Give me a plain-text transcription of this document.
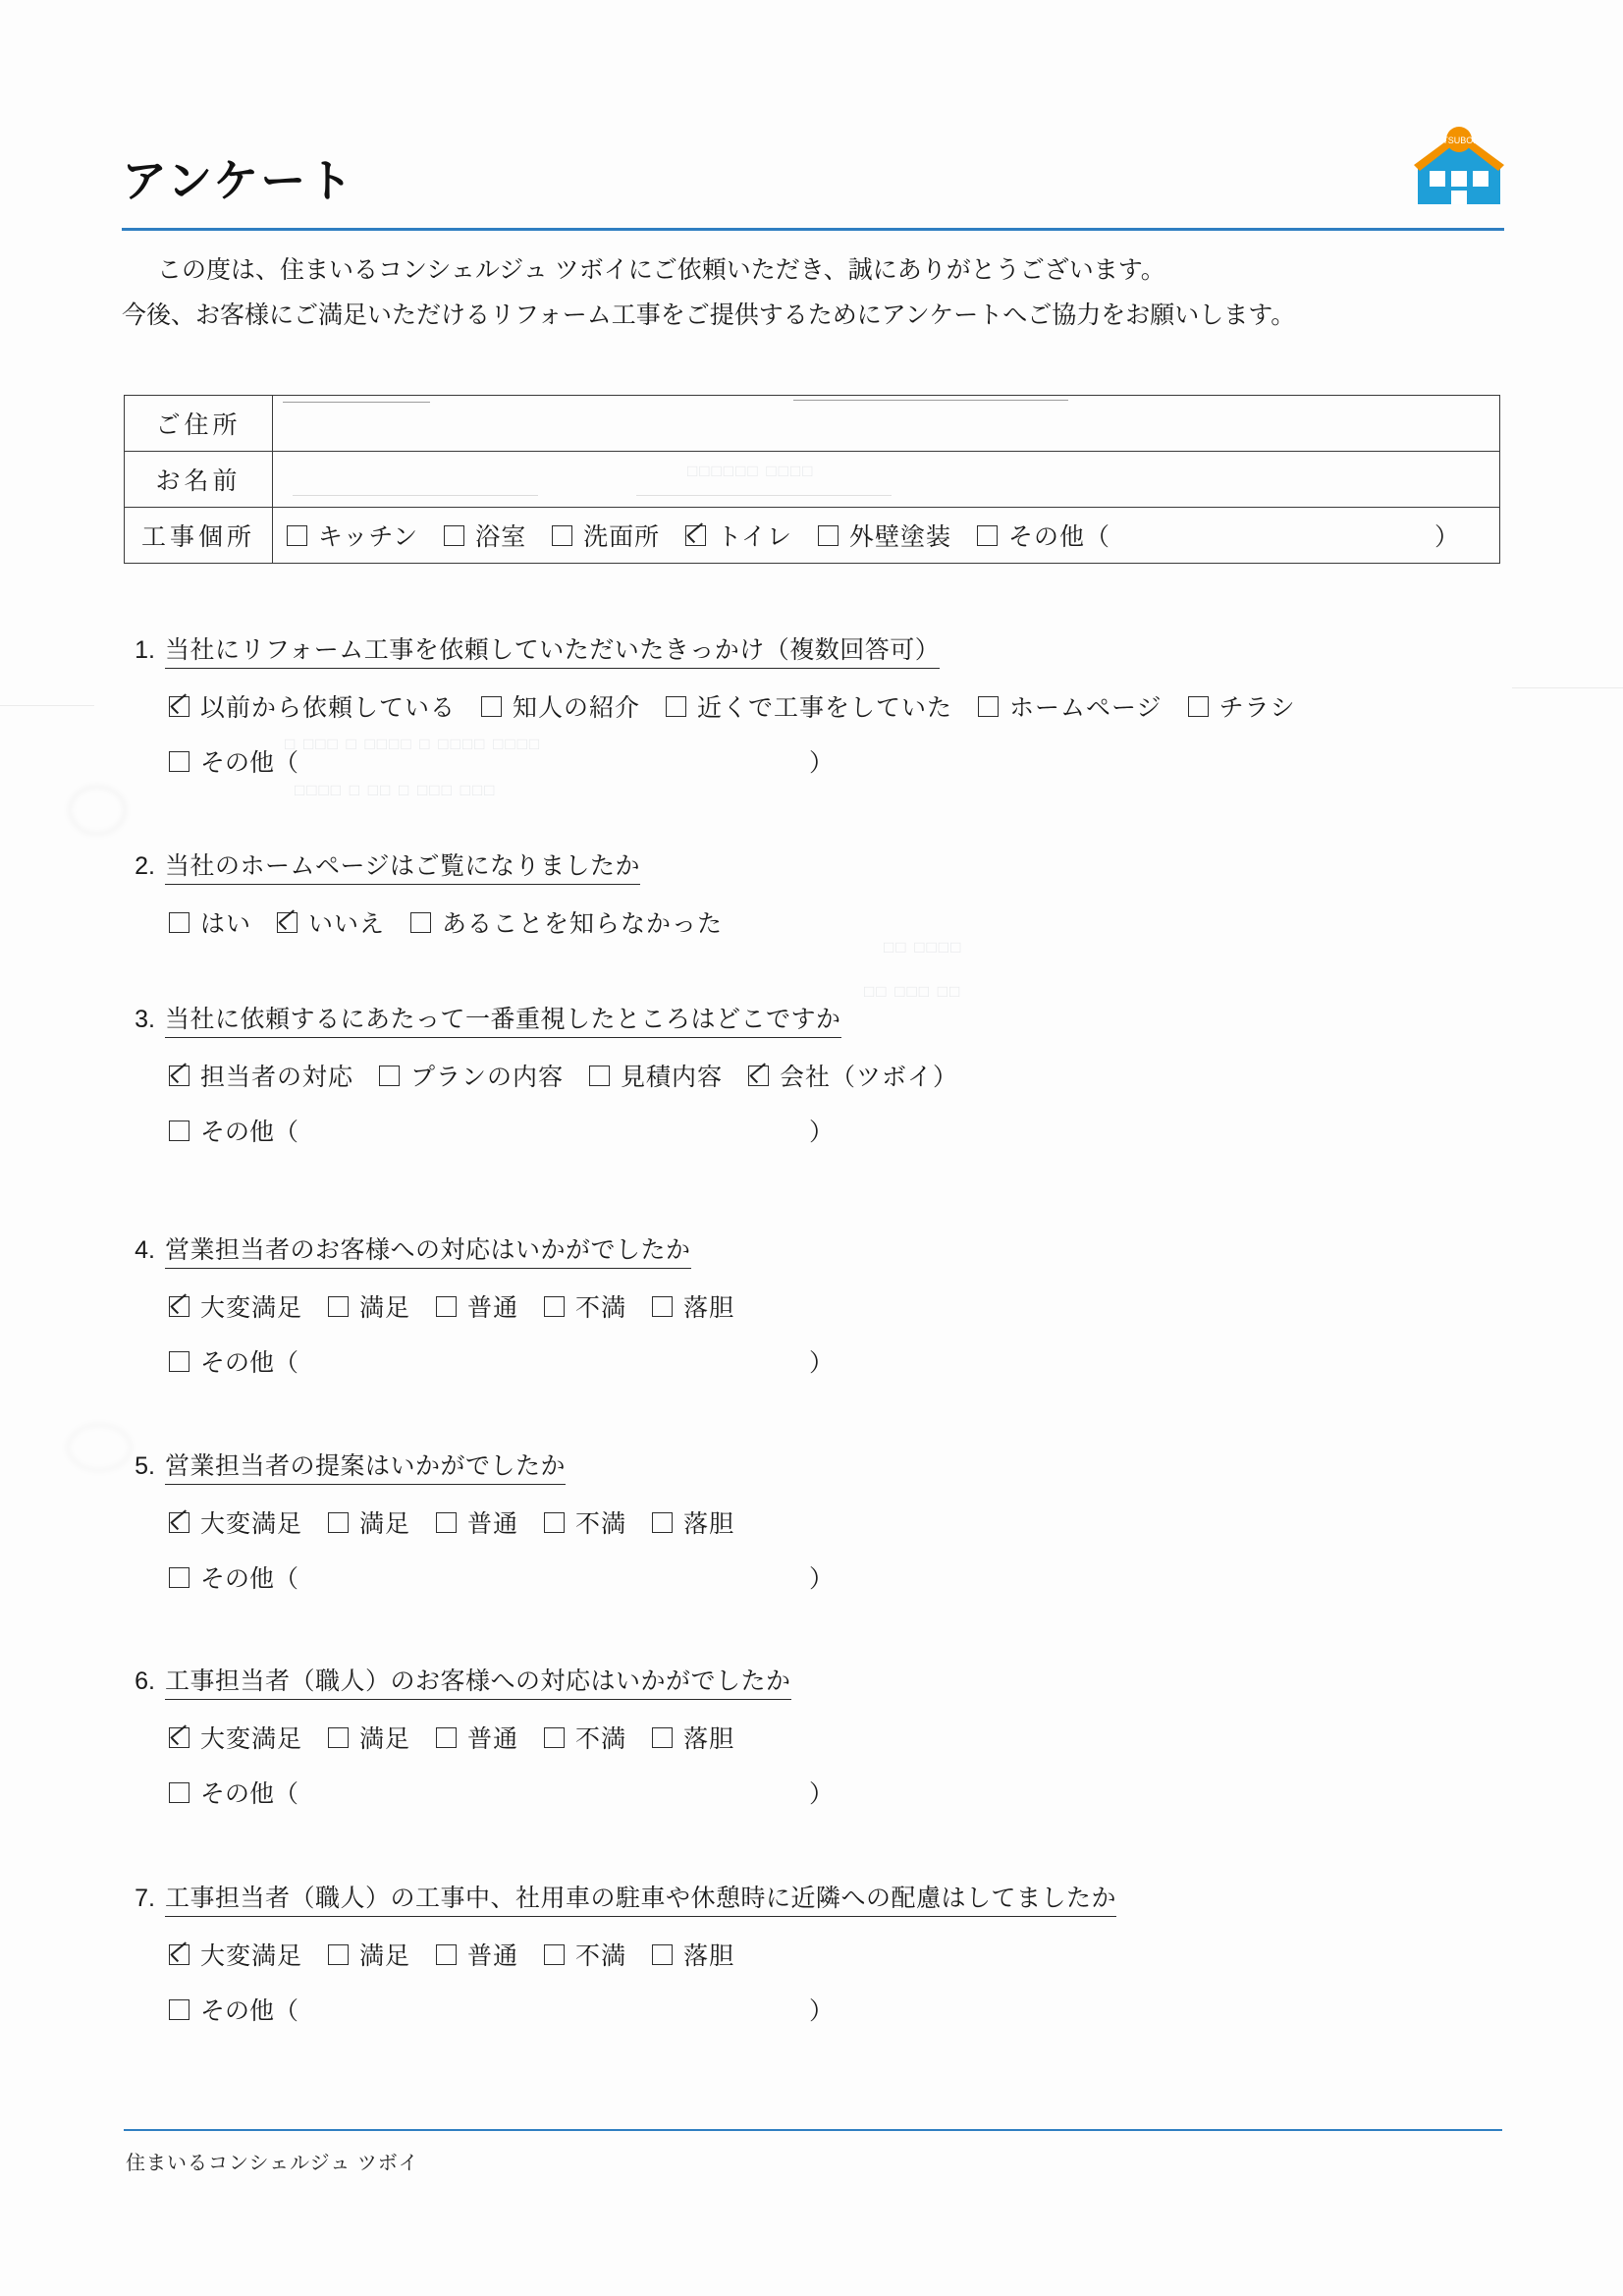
□ □□□ □ □□□□ □ □□□□ □□□□
□□□□ □ □□ □ □□□ □□□
□□ □□□□
□□ □□□ □□
□□□□□□ □□□□
アンケート
TSUBOI
この度は、住まいるコンシェルジュ ツボイにご依頼いただき、誠にありがとうございます。
今後、お客様にご満足いただけるリフォーム工事をご提供するためにアンケートへご協力をお願いします。
ご住所	

お名前	

工事個所	キッチン 浴室 洗面所 トイレ 外壁塗装 その他（	）
1. 当社にリフォーム工事を依頼していただいたきっかけ（複数回答可）
以前から依頼している 知人の紹介 近くで工事をしていた ホームページ チラシ
その他（	）
2. 当社のホームページはご覧になりましたか
はい いいえ あることを知らなかった
3. 当社に依頼するにあたって一番重視したところはどこですか
担当者の対応 プランの内容 見積内容 会社（ツボイ）
その他（	）
4. 営業担当者のお客様への対応はいかがでしたか
大変満足 満足 普通 不満 落胆
その他（	）
5. 営業担当者の提案はいかがでしたか
大変満足 満足 普通 不満 落胆
その他（	）
6. 工事担当者（職人）のお客様への対応はいかがでしたか
大変満足 満足 普通 不満 落胆
その他（	）
7. 工事担当者（職人）の工事中、社用車の駐車や休憩時に近隣への配慮はしてましたか
大変満足 満足 普通 不満 落胆
その他（	）
住まいるコンシェルジュ ツボイ
